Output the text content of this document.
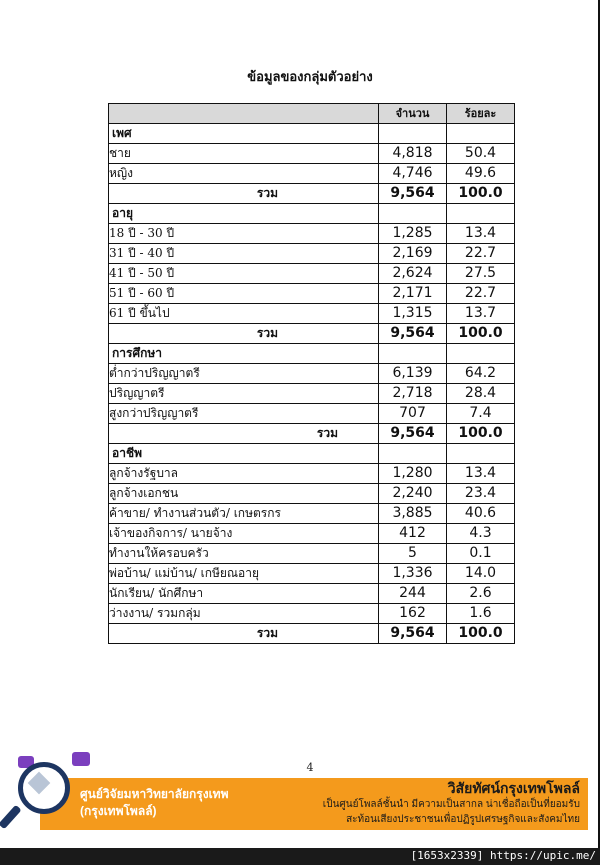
ข้อมูลของกลุ่มตัวอย่าง
	จำนวน	ร้อยละ
เพศ		
ชาย	4,818	50.4
หญิง	4,746	49.6
รวม	9,564	100.0
อายุ		
18 ปี - 30 ปี	1,285	13.4
31 ปี - 40 ปี	2,169	22.7
41 ปี - 50 ปี	2,624	27.5
51 ปี - 60 ปี	2,171	22.7
61 ปี ขึ้นไป	1,315	13.7
รวม	9,564	100.0
การศึกษา		
ต่ำกว่าปริญญาตรี	6,139	64.2
ปริญญาตรี	2,718	28.4
สูงกว่าปริญญาตรี	707	7.4
รวม	9,564	100.0
อาชีพ		
ลูกจ้างรัฐบาล	1,280	13.4
ลูกจ้างเอกชน	2,240	23.4
ค้าขาย/ ทำงานส่วนตัว/ เกษตรกร	3,885	40.6
เจ้าของกิจการ/ นายจ้าง	412	4.3
ทำงานให้ครอบครัว	5	0.1
พ่อบ้าน/ แม่บ้าน/ เกษียณอายุ	1,336	14.0
นักเรียน/ นักศึกษา	244	2.6
ว่างงาน/ รวมกลุ่ม	162	1.6
รวม	9,564	100.0
4
ศูนย์วิจัยมหาวิทยาลัยกรุงเทพ
(กรุงเทพโพลล์)
วิสัยทัศน์กรุงเทพโพลล์
เป็นศูนย์โพลล์ชั้นนำ มีความเป็นสากล น่าเชื่อถือเป็นที่ยอมรับ
สะท้อนเสียงประชาชนเพื่อปฏิรูปเศรษฐกิจและสังคมไทย
[1653x2339] https://upic.me/
